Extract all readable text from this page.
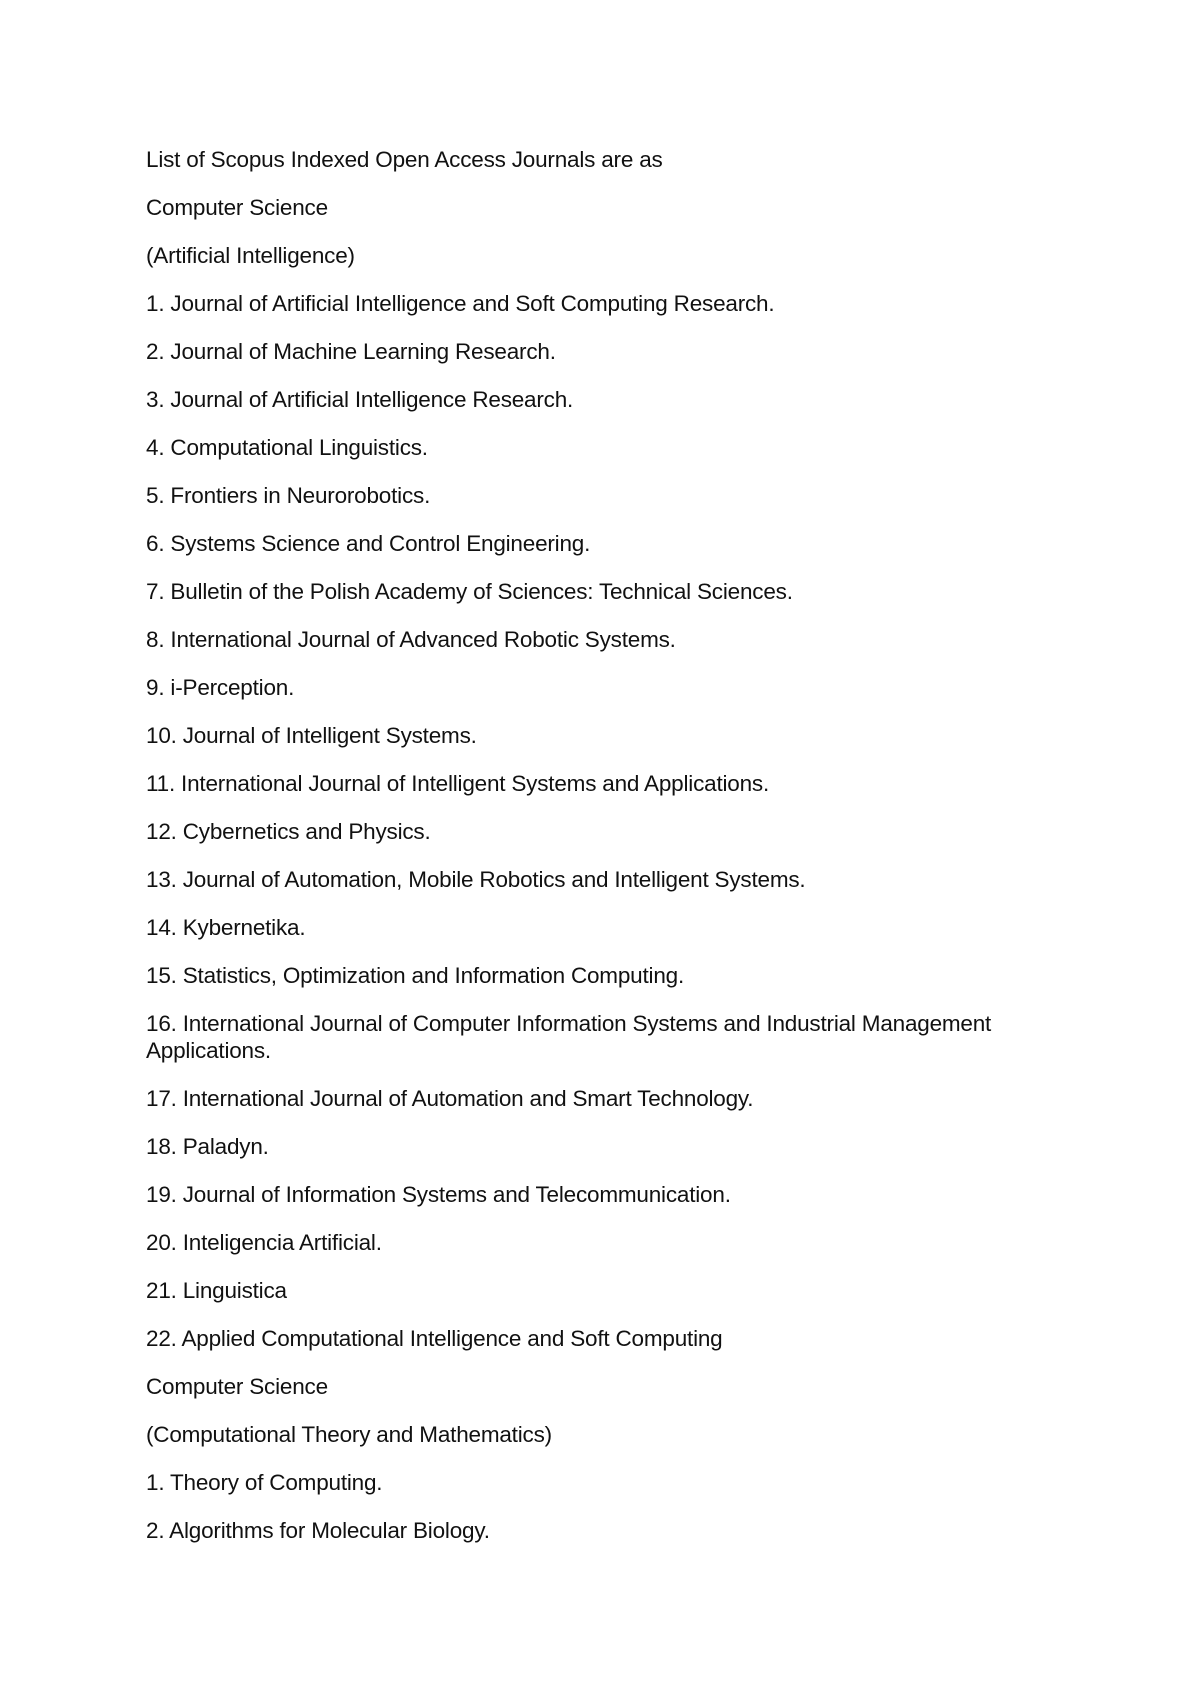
List of Scopus Indexed Open Access Journals are as
Computer Science
(Artificial Intelligence)
1. Journal of Artificial Intelligence and Soft Computing Research.
2. Journal of Machine Learning Research.
3. Journal of Artificial Intelligence Research.
4. Computational Linguistics.
5. Frontiers in Neurorobotics.
6. Systems Science and Control Engineering.
7. Bulletin of the Polish Academy of Sciences: Technical Sciences.
8. International Journal of Advanced Robotic Systems.
9. i-Perception.
10. Journal of Intelligent Systems.
11. International Journal of Intelligent Systems and Applications.
12. Cybernetics and Physics.
13. Journal of Automation, Mobile Robotics and Intelligent Systems.
14. Kybernetika.
15. Statistics, Optimization and Information Computing.
16. International Journal of Computer Information Systems and Industrial Management Applications.
17. International Journal of Automation and Smart Technology.
18. Paladyn.
19. Journal of Information Systems and Telecommunication.
20. Inteligencia Artificial.
21. Linguistica
22. Applied Computational Intelligence and Soft Computing
Computer Science
(Computational Theory and Mathematics)
1. Theory of Computing.
2. Algorithms for Molecular Biology.
